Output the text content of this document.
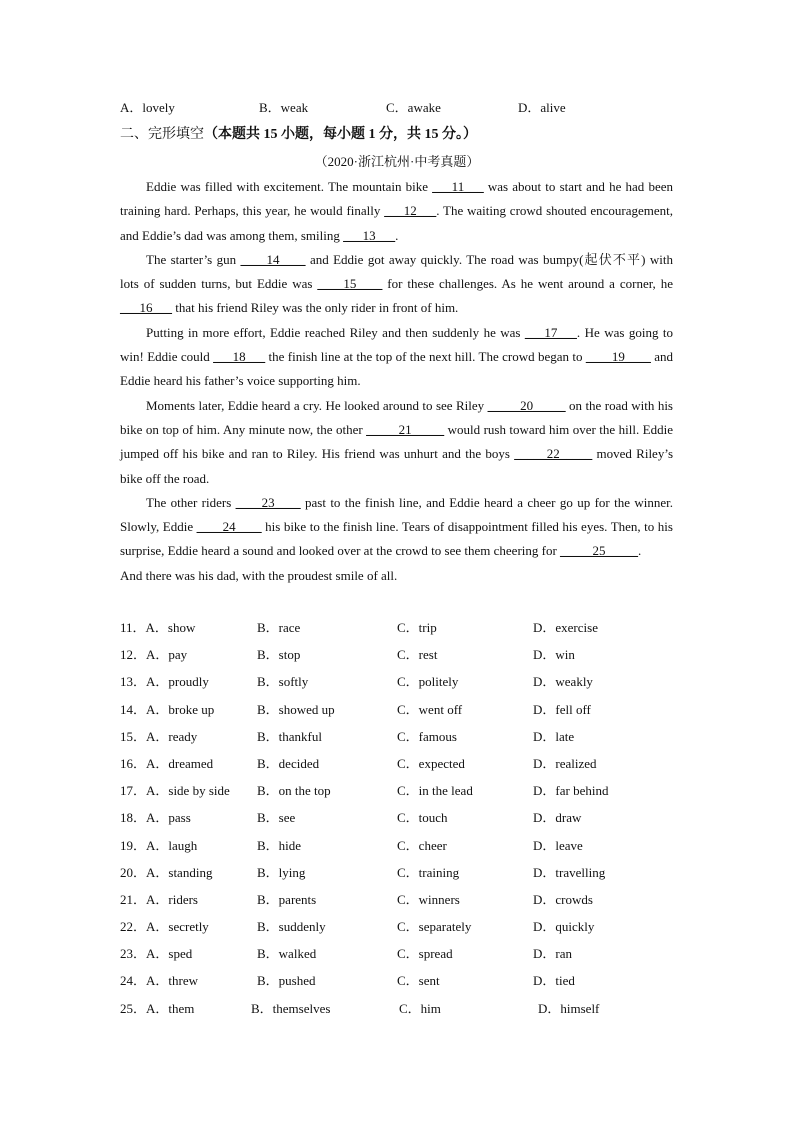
A．lovely	B．weak	C．awake	D．alive
二、完形填空（本题共 15 小题，每小题 1 分，共 15 分。）
（2020·浙江杭州·中考真题）

Eddie was filled with excitement. The mountain bike ___11___ was about to start and he had been training hard. Perhaps, this year, he would finally ___12___. The waiting crowd shouted encouragement, and Eddie’s dad was among them, smiling ___13___.

The starter’s gun ____14____ and Eddie got away quickly. The road was bumpy(起伏不平) with lots of sudden turns, but Eddie was ____15____ for these challenges. As he went around a corner, he ___16___ that his friend Riley was the only rider in front of him.

Putting in more effort, Eddie reached Riley and then suddenly he was ___17___. He was going to win! Eddie could ___18___ the finish line at the top of the next hill. The crowd began to ____19____ and Eddie heard his father’s voice supporting him.

Moments later, Eddie heard a cry. He looked around to see Riley _____20_____ on the road with his bike on top of him. Any minute now, the other _____21_____ would rush toward him over the hill. Eddie jumped off his bike and ran to Riley. His friend was unhurt and the boys _____22_____ moved Riley’s bike off the road.

The other riders ____23____ past to the finish line, and Eddie heard a cheer go up for the winner. Slowly, Eddie ____24____ his bike to the finish line. Tears of disappointment filled his eyes. Then, to his surprise, Eddie heard a sound and looked over at the crowd to see them cheering for _____25_____.

And there was his dad, with the proudest smile of all.

11．A．show	B．race	C．trip	D．exercise
12．A．pay	B．stop	C．rest	D．win
13．A．proudly	B．softly	C．politely	D．weakly
14．A．broke up	B．showed up	C．went off	D．fell off
15．A．ready	B．thankful	C．famous	D．late
16．A．dreamed	B．decided	C．expected	D．realized
17．A．side by side B．on the top	C．in the lead	D．far behind
18．A．pass	B．see	C．touch	D．draw
19．A．laugh	B．hide	C．cheer	D．leave
20．A．standing	B．lying	C．training	D．travelling
21．A．riders	B．parents	C．winners	D．crowds
22．A．secretly	B．suddenly	C．separately	D．quickly
23．A．sped	B．walked	C．spread	D．ran
24．A．threw	B．pushed	C．sent	D．tied
25．A．them	B．themselves	C．him	D．himself
